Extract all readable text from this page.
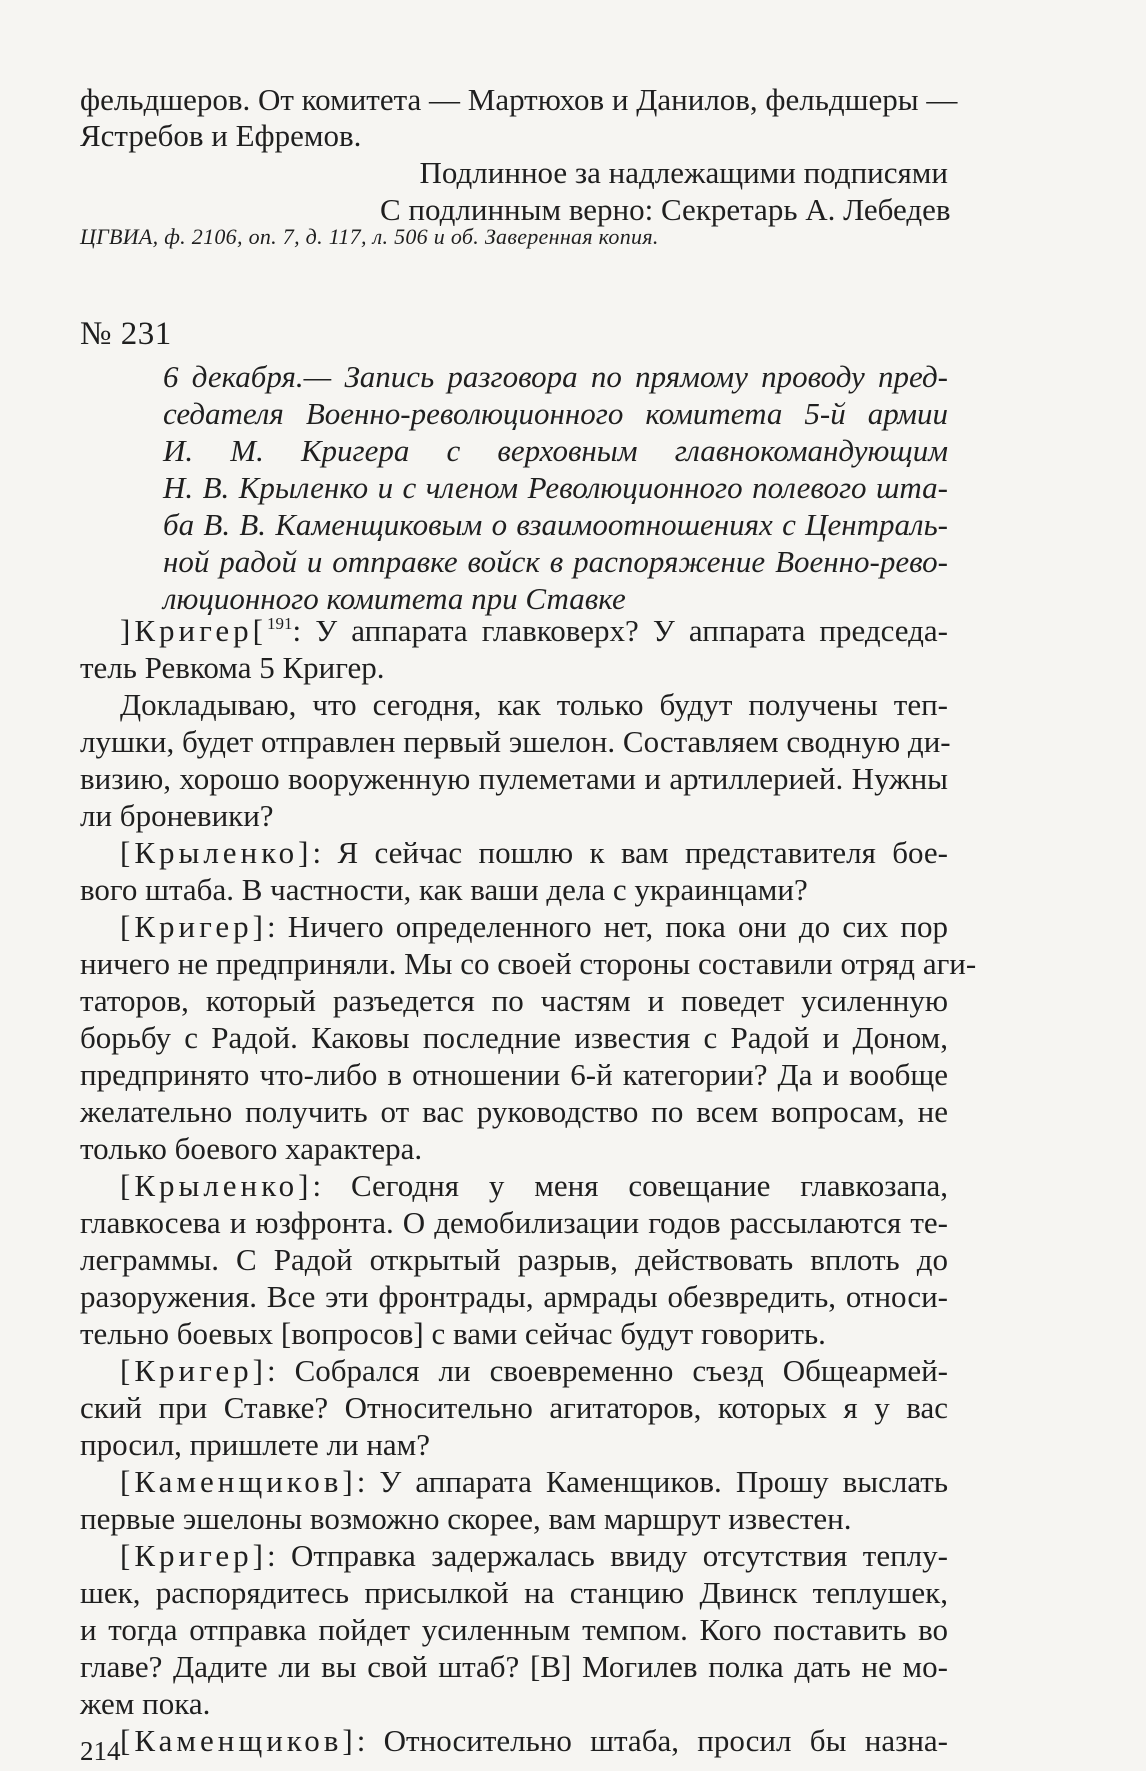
фельдшеров. От комитета — Мартюхов и Данилов, фельдшеры —
Ястребов и Ефремов.
Подлинное за надлежащими подписями
С подлинным верно: Секретарь А. Лебедев
ЦГВИА, ф. 2106, оп. 7, д. 117, л. 506 и об. Заверенная копия.
№ 231
6 декабря.— Запись разговора по прямому проводу пред-
седателя Военно-революционного комитета 5-й армии
И. М. Кригера с верховным главнокомандующим
Н. В. Крыленко и с членом Революционного полевого шта-
ба В. В. Каменщиковым о взаимоотношениях с Централь-
ной радой и отправке войск в распоряжение Военно-рево-
люционного комитета при Ставке
]Кригер[$^{191}$: У аппарата главковерх? У аппарата председа-
тель Ревкома 5 Кригер.
Докладываю, что сегодня, как только будут получены теп-
лушки, будет отправлен первый эшелон. Составляем сводную ди-
визию, хорошо вооруженную пулеметами и артиллерией. Нужны
ли броневики?
[Крыленко]: Я сейчас пошлю к вам представителя бое-
вого штаба. В частности, как ваши дела с украинцами?
[Кригер]: Ничего определенного нет, пока они до сих пор
ничего не предприняли. Мы со своей стороны составили отряд аги-
таторов, который разъедется по частям и поведет усиленную
борьбу с Радой. Каковы последние известия с Радой и Доном,
предпринято что-либо в отношении 6-й категории? Да и вообще
желательно получить от вас руководство по всем вопросам, не
только боевого характера.
[Крыленко]: Сегодня у меня совещание главкозапа,
главкосева и юзфронта. О демобилизации годов рассылаются те-
леграммы. С Радой открытый разрыв, действовать вплоть до
разоружения. Все эти фронтрады, армрады обезвредить, относи-
тельно боевых [вопросов] с вами сейчас будут говорить.
[Кригер]: Собрался ли своевременно съезд Общеармей-
ский при Ставке? Относительно агитаторов, которых я у вас
просил, пришлете ли нам?
[Каменщиков]: У аппарата Каменщиков. Прошу выслать
первые эшелоны возможно скорее, вам маршрут известен.
[Кригер]: Отправка задержалась ввиду отсутствия теплу-
шек, распорядитесь присылкой на станцию Двинск теплушек,
и тогда отправка пойдет усиленным темпом. Кого поставить во
главе? Дадите ли вы свой штаб? [В] Могилев полка дать не мо-
жем пока.
[Каменщиков]: Относительно штаба, просил бы назна-
214
